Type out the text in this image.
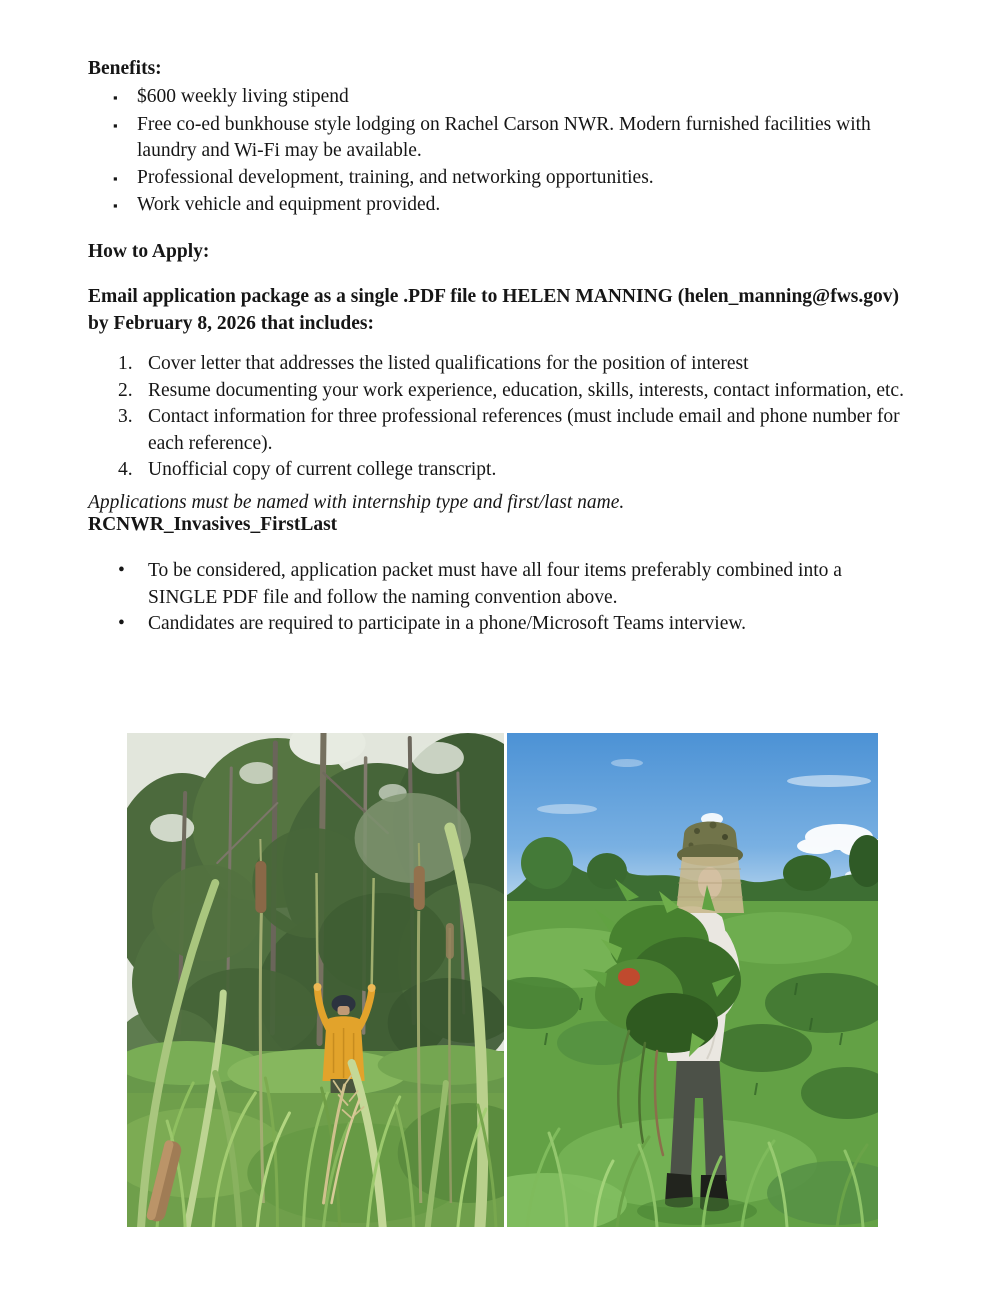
Benefits:
▪ $600 weekly living stipend
▪ Free co-ed bunkhouse style lodging on Rachel Carson NWR. Modern furnished facilities with laundry and Wi-Fi may be available.
▪ Professional development, training, and networking opportunities.
▪ Work vehicle and equipment provided.
How to Apply:
Email application package as a single .PDF file to HELEN MANNING (helen_manning@fws.gov)
by February 8, 2026 that includes:
1. Cover letter that addresses the listed qualifications for the position of interest
2. Resume documenting your work experience, education, skills, interests, contact information, etc.
3. Contact information for three professional references (must include email and phone number for each reference).
4. Unofficial copy of current college transcript.
Applications must be named with internship type and first/last name.
RCNWR_Invasives_FirstLast
•	To be considered, application packet must have all four items preferably combined into a SINGLE PDF file and follow the naming convention above.
•	Candidates are required to participate in a phone/Microsoft Teams interview.
